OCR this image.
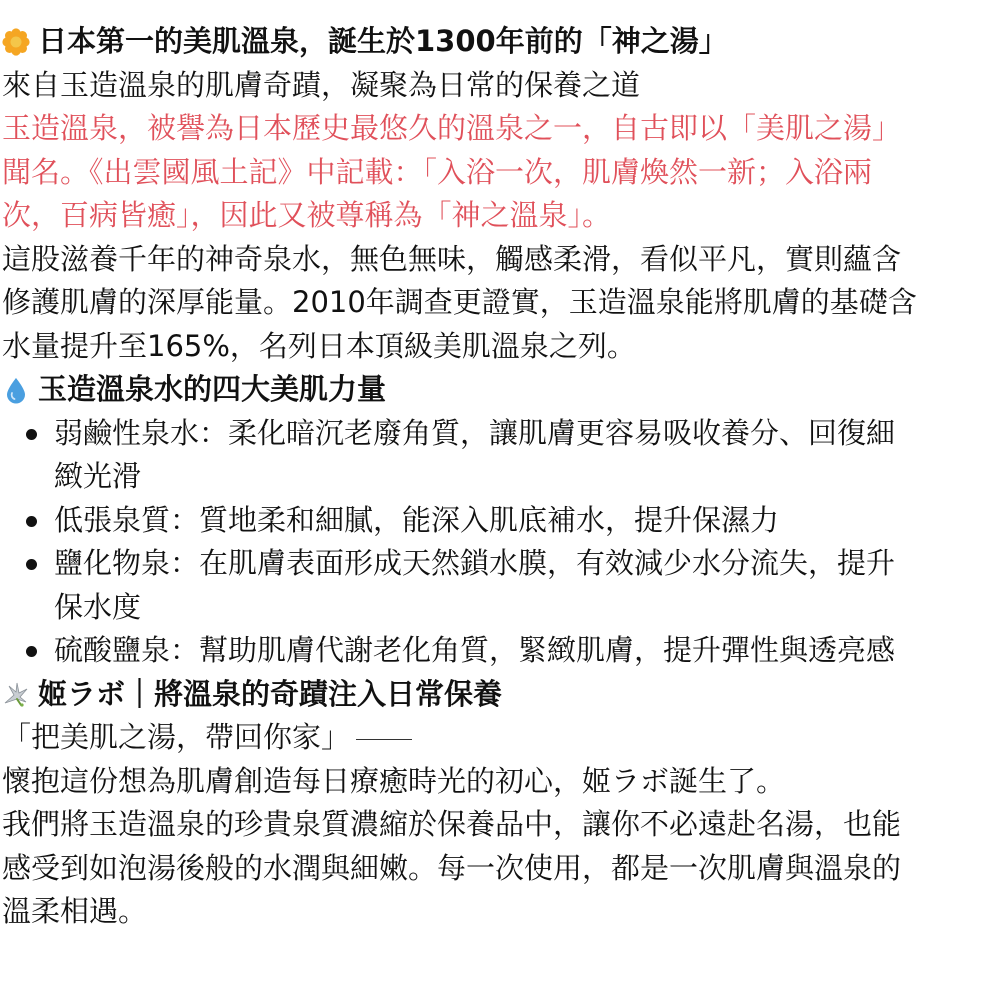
日本第一的美肌溫泉，誕生於1300年前的「神之湯」

來自玉造溫泉的肌膚奇蹟，凝聚為日常的保養之道

玉造溫泉，被譽為日本歷史最悠久的溫泉之一，自古即以「美肌之湯」

聞名。《出雲國風土記》中記載：「入浴一次，肌膚煥然一新；入浴兩

次，百病皆癒」，因此又被尊稱為「神之溫泉」。

這股滋養千年的神奇泉水，無色無味，觸感柔滑，看似平凡，實則蘊含

修護肌膚的深厚能量。2010年調查更證實，玉造溫泉能將肌膚的基礎含

水量提升至165%，名列日本頂級美肌溫泉之列。

玉造溫泉水的四大美肌力量

弱鹼性泉水：柔化暗沉老廢角質，讓肌膚更容易吸收養分、回復細

緻光滑

低張泉質：質地柔和細膩，能深入肌底補水，提升保濕力

鹽化物泉：在肌膚表面形成天然鎖水膜，有效減少水分流失，提升

保水度

硫酸鹽泉：幫助肌膚代謝老化角質，緊緻肌膚，提升彈性與透亮感

姬ラボ｜將溫泉的奇蹟注入日常保養

「把美肌之湯，帶回你家」

懷抱這份想為肌膚創造每日療癒時光的初心，姬ラボ誕生了。

我們將玉造溫泉的珍貴泉質濃縮於保養品中，讓你不必遠赴名湯，也能

感受到如泡湯後般的水潤與細嫩。每一次使用，都是一次肌膚與溫泉的

溫柔相遇。
